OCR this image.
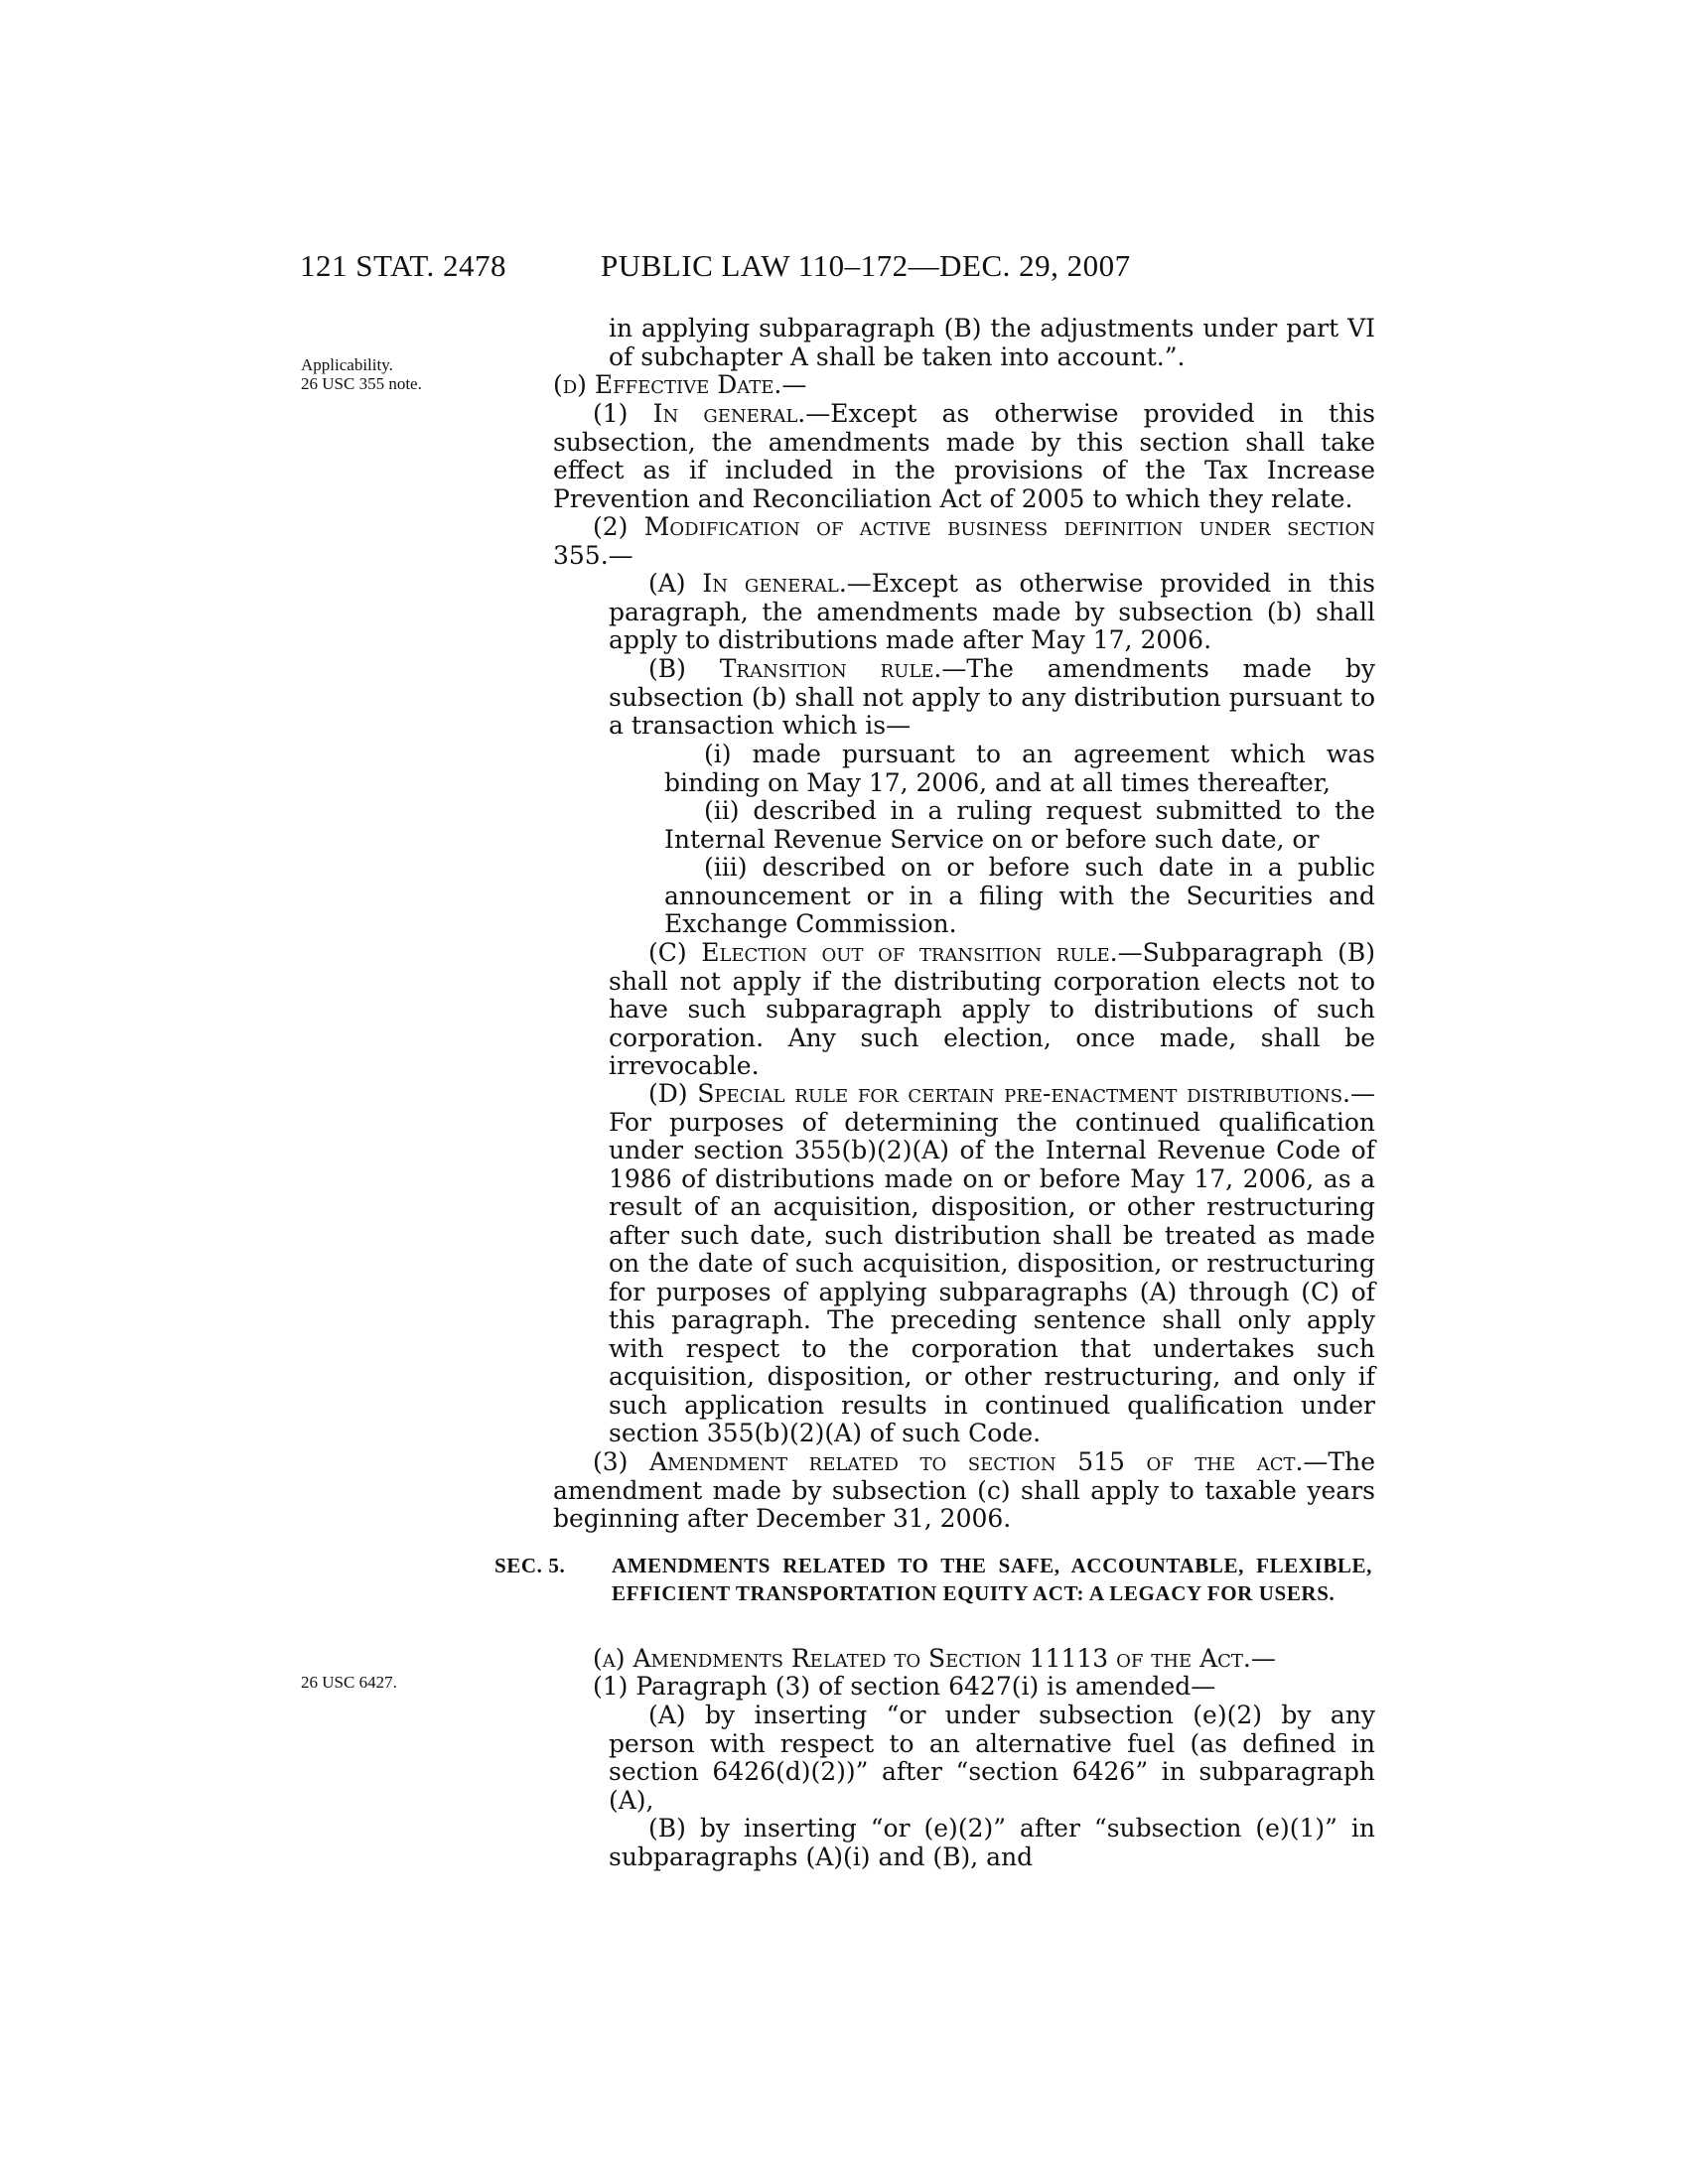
121 STAT. 2478	PUBLIC LAW 110–172—DEC. 29, 2007
Applicability.
26 USC 355 note.
26 USC 6427.

in applying subparagraph (B) the adjustments under part VI of subchapter A shall be taken into account.”.

(d) Effective Date.—

(1) In general.—Except as otherwise provided in this subsection, the amendments made by this section shall take effect as if included in the provisions of the Tax Increase Prevention and Reconciliation Act of 2005 to which they relate.

(2) Modification of active business definition under section 355.—

(A) In general.—Except as otherwise provided in this paragraph, the amendments made by subsection (b) shall apply to distributions made after May 17, 2006.

(B) Transition rule.—The amendments made by subsection (b) shall not apply to any distribution pursuant to a transaction which is—

(i) made pursuant to an agreement which was binding on May 17, 2006, and at all times thereafter,

(ii) described in a ruling request submitted to the Internal Revenue Service on or before such date, or

(iii) described on or before such date in a public announcement or in a filing with the Securities and Exchange Commission.

(C) Election out of transition rule.—Subparagraph (B) shall not apply if the distributing corporation elects not to have such subparagraph apply to distributions of such corporation. Any such election, once made, shall be irrevocable.

(D) Special rule for certain pre-enactment distributions.—For purposes of determining the continued qualification under section 355(b)(2)(A) of the Internal Revenue Code of 1986 of distributions made on or before May 17, 2006, as a result of an acquisition, disposition, or other restructuring after such date, such distribution shall be treated as made on the date of such acquisition, disposition, or restructuring for purposes of applying subparagraphs (A) through (C) of this paragraph. The preceding sentence shall only apply with respect to the corporation that undertakes such acquisition, disposition, or other restructuring, and only if such application results in continued qualification under section 355(b)(2)(A) of such Code.

(3) Amendment related to section 515 of the act.—The amendment made by subsection (c) shall apply to taxable years beginning after December 31, 2006.

SEC. 5. AMENDMENTS RELATED TO THE SAFE, ACCOUNTABLE, FLEXIBLE, EFFICIENT TRANSPORTATION EQUITY ACT: A LEGACY FOR USERS.

(a) Amendments Related to Section 11113 of the Act.—

(1) Paragraph (3) of section 6427(i) is amended—

(A) by inserting “or under subsection (e)(2) by any person with respect to an alternative fuel (as defined in section 6426(d)(2))” after “section 6426” in subparagraph (A),

(B) by inserting “or (e)(2)” after “subsection (e)(1)” in subparagraphs (A)(i) and (B), and
